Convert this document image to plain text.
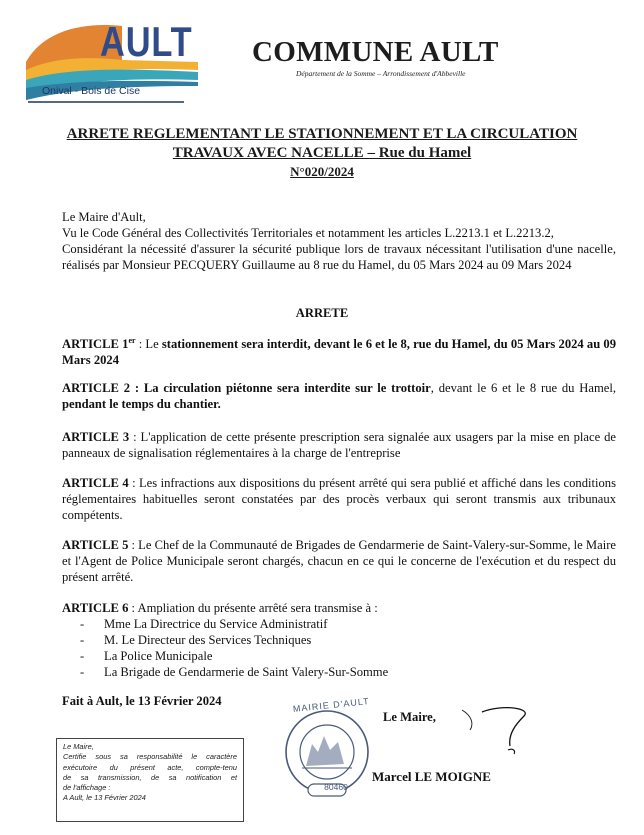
AULT
Onival - Bois de Cise
COMMUNE AULT
Département de la Somme – Arrondissement d'Abbeville
ARRETE REGLEMENTANT LE STATIONNEMENT ET LA CIRCULATION
TRAVAUX AVEC NACELLE – Rue du Hamel
N°020/2024
Le Maire d'Ault,
Vu le Code Général des Collectivités Territoriales et notamment les articles L.2213.1 et L.2213.2,
Considérant la nécessité d'assurer la sécurité publique lors de travaux nécessitant l'utilisation d'une nacelle, réalisés par Monsieur PECQUERY Guillaume au 8 rue du Hamel, du 05 Mars 2024 au 09 Mars 2024
ARRETE
ARTICLE 1er : Le stationnement sera interdit, devant le 6 et le 8, rue du Hamel, du 05 Mars 2024 au 09 Mars 2024
ARTICLE 2 : La circulation piétonne sera interdite sur le trottoir, devant le 6 et le 8 rue du Hamel, pendant le temps du chantier.
ARTICLE 3 : L'application de cette présente prescription sera signalée aux usagers par la mise en place de panneaux de signalisation réglementaires à la charge de l'entreprise
ARTICLE 4 : Les infractions aux dispositions du présent arrêté qui sera publié et affiché dans les conditions réglementaires habituelles seront constatées par des procès verbaux qui seront transmis aux tribunaux compétents.
ARTICLE 5 : Le Chef de la Communauté de Brigades de Gendarmerie de Saint-Valery-sur-Somme, le Maire et l'Agent de Police Municipale seront chargés, chacun en ce qui le concerne de l'exécution et du respect du présent arrêté.
ARTICLE 6 : Ampliation du présente arrêté sera transmise à :
- Mme La Directrice du Service Administratif
- M. Le Directeur des Services Techniques
- La Police Municipale
- La Brigade de Gendarmerie de Saint Valery-Sur-Somme
Fait à Ault, le 13 Février 2024
Le Maire,
Certifie sous sa responsabilité le caractère
exécutoire du présent acte, compte-tenu
de sa transmission, de sa notification et
de l'affichage :
A Ault, le 13 Février 2024
MAIRIE D'AULT
80460
Le Maire,
Marcel LE MOIGNE
